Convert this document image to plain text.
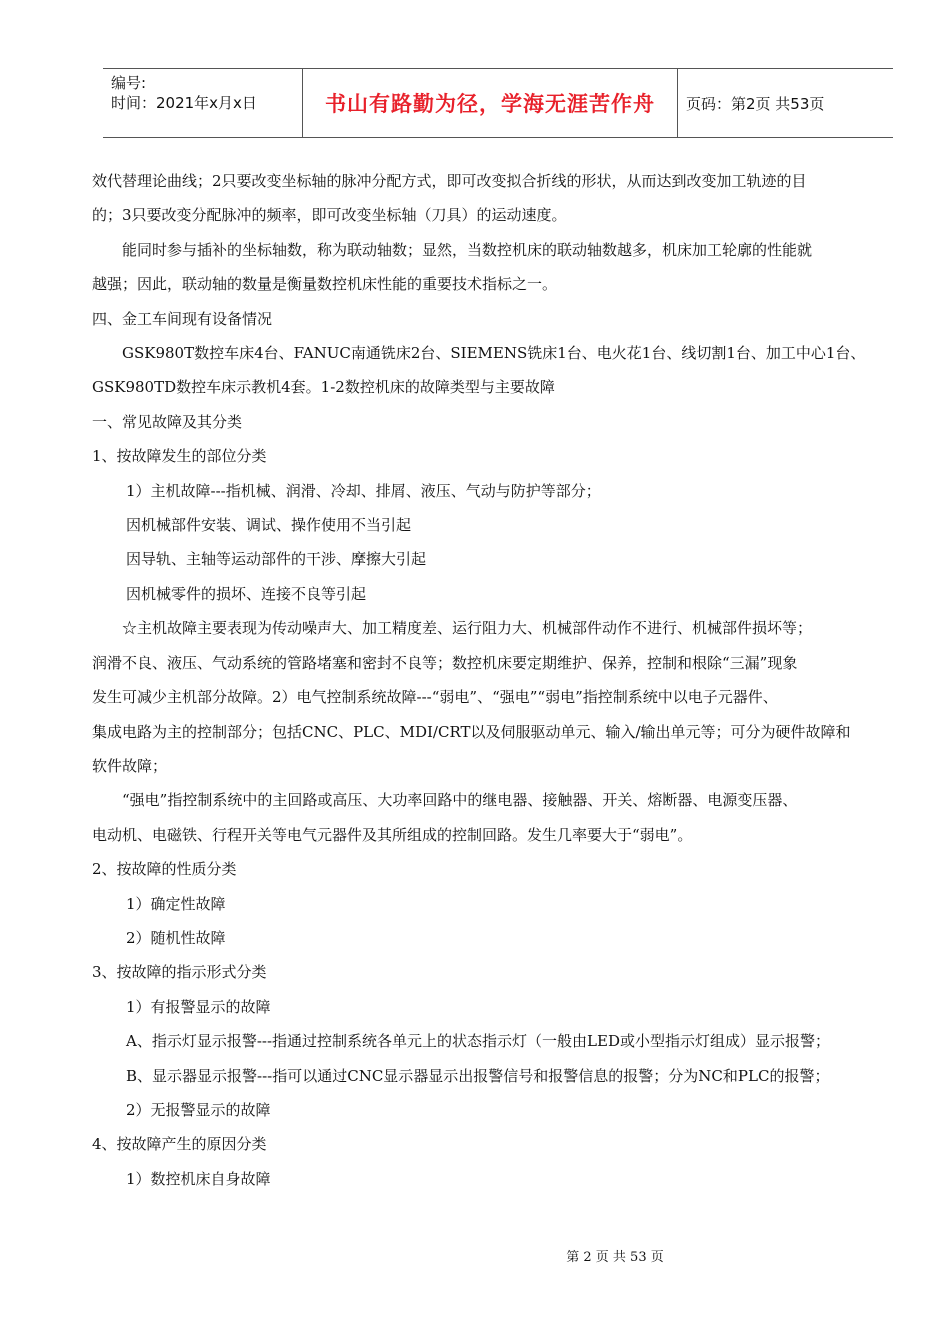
编号:
时间：2021年x月x日	书山有路勤为径，学海无涯苦作舟	页码：第2页 共53页

效代替理论曲线；2只要改变坐标轴的脉冲分配方式，即可改变拟合折线的形状，从而达到改变加工轨迹的目

的；3只要改变分配脉冲的频率，即可改变坐标轴（刀具）的运动速度。

能同时参与插补的坐标轴数，称为联动轴数；显然，当数控机床的联动轴数越多，机床加工轮廓的性能就

越强；因此，联动轴的数量是衡量数控机床性能的重要技术指标之一。

四、金工车间现有设备情况

GSK980T数控车床4台、FANUC南通铣床2台、SIEMENS铣床1台、电火花1台、线切割1台、加工中心1台、

GSK980TD数控车床示教机4套。1-2数控机床的故障类型与主要故障

一、常见故障及其分类

1、按故障发生的部位分类

1）主机故障---指机械、润滑、冷却、排屑、液压、气动与防护等部分；

因机械部件安装、调试、操作使用不当引起

因导轨、主轴等运动部件的干涉、摩擦大引起

因机械零件的损坏、连接不良等引起

☆主机故障主要表现为传动噪声大、加工精度差、运行阻力大、机械部件动作不进行、机械部件损坏等；

润滑不良、液压、气动系统的管路堵塞和密封不良等；数控机床要定期维护、保养，控制和根除“三漏”现象

发生可减少主机部分故障。2）电气控制系统故障---“弱电”、“强电”“弱电”指控制系统中以电子元器件、

集成电路为主的控制部分；包括CNC、PLC、MDI/CRT以及伺服驱动单元、输入/输出单元等；可分为硬件故障和

软件故障；

“强电”指控制系统中的主回路或高压、大功率回路中的继电器、接触器、开关、熔断器、电源变压器、

电动机、电磁铁、行程开关等电气元器件及其所组成的控制回路。发生几率要大于“弱电”。

2、按故障的性质分类

1）确定性故障

2）随机性故障

3、按故障的指示形式分类

1）有报警显示的故障

A、指示灯显示报警---指通过控制系统各单元上的状态指示灯（一般由LED或小型指示灯组成）显示报警；

B、显示器显示报警---指可以通过CNC显示器显示出报警信号和报警信息的报警；分为NC和PLC的报警；

2）无报警显示的故障

4、按故障产生的原因分类

1）数控机床自身故障

第 2 页 共 53 页
